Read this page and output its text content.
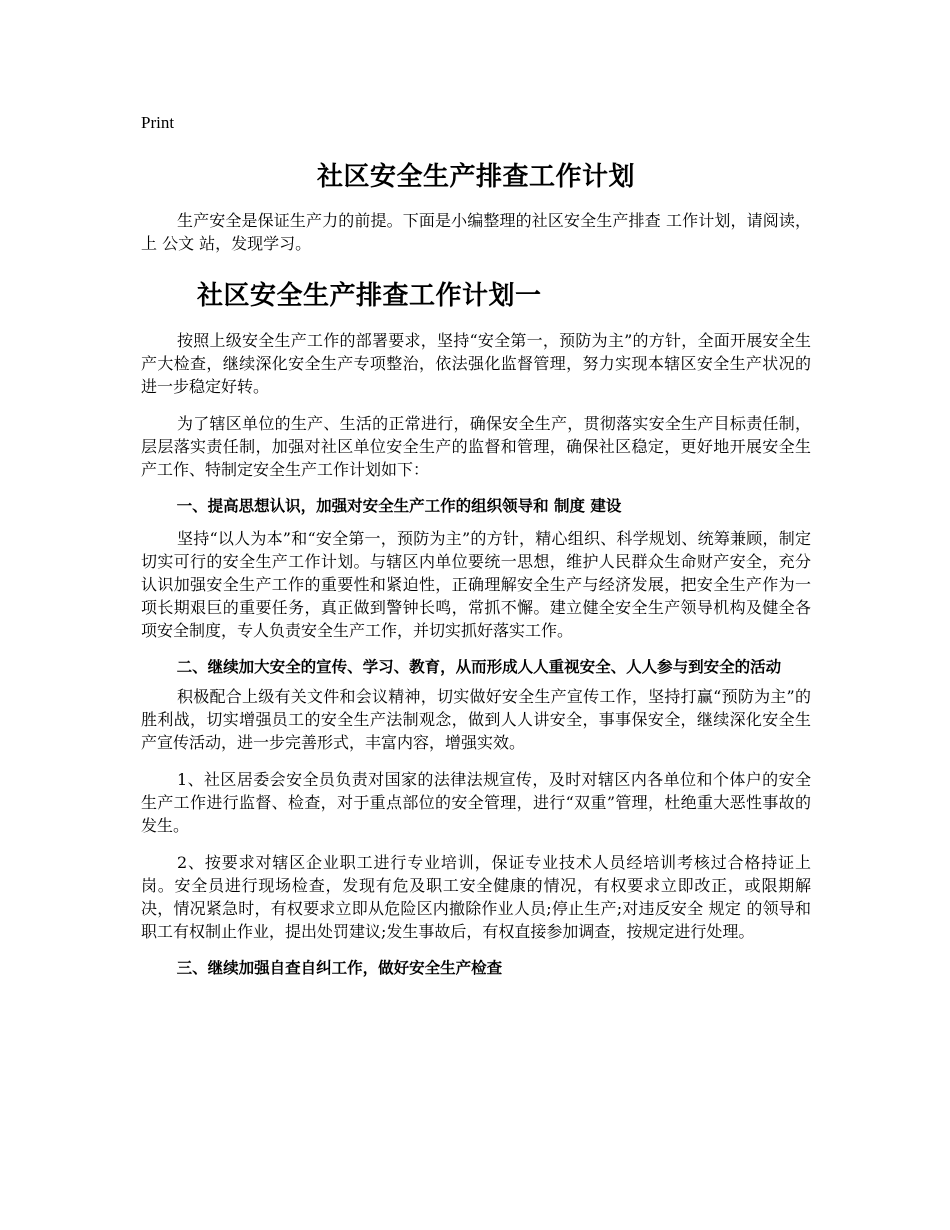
Print
社区安全生产排查工作计划

生产安全是保证生产力的前提。下面是小编整理的社区安全生产排查 工作计划，请阅读，上 公文 站，发现学习。

社区安全生产排查工作计划一

按照上级安全生产工作的部署要求，坚持“安全第一，预防为主”的方针，全面开展安全生产大检查，继续深化安全生产专项整治，依法强化监督管理，努力实现本辖区安全生产状况的进一步稳定好转。

为了辖区单位的生产、生活的正常进行，确保安全生产，贯彻落实安全生产目标责任制，层层落实责任制，加强对社区单位安全生产的监督和管理，确保社区稳定，更好地开展安全生产工作、特制定安全生产工作计划如下：

一、提高思想认识，加强对安全生产工作的组织领导和 制度 建设

坚持“以人为本”和“安全第一，预防为主”的方针，精心组织、科学规划、统筹兼顾，制定切实可行的安全生产工作计划。与辖区内单位要统一思想，维护人民群众生命财产安全，充分认识加强安全生产工作的重要性和紧迫性，正确理解安全生产与经济发展，把安全生产作为一项长期艰巨的重要任务，真正做到警钟长鸣，常抓不懈。建立健全安全生产领导机构及健全各项安全制度，专人负责安全生产工作，并切实抓好落实工作。

二、继续加大安全的宣传、学习、教育，从而形成人人重视安全、人人参与到安全的活动

积极配合上级有关文件和会议精神，切实做好安全生产宣传工作，坚持打赢“预防为主”的胜利战，切实增强员工的安全生产法制观念，做到人人讲安全，事事保安全，继续深化安全生产宣传活动，进一步完善形式，丰富内容，增强实效。

1、社区居委会安全员负责对国家的法律法规宣传，及时对辖区内各单位和个体户的安全生产工作进行监督、检查，对于重点部位的安全管理，进行“双重”管理，杜绝重大恶性事故的发生。

2、按要求对辖区企业职工进行专业培训，保证专业技术人员经培训考核过合格持证上岗。安全员进行现场检查，发现有危及职工安全健康的情况，有权要求立即改正，或限期解决，情况紧急时，有权要求立即从危险区内撤除作业人员;停止生产;对违反安全 规定 的领导和职工有权制止作业，提出处罚建议;发生事故后，有权直接参加调查，按规定进行处理。

三、继续加强自查自纠工作，做好安全生产检查
